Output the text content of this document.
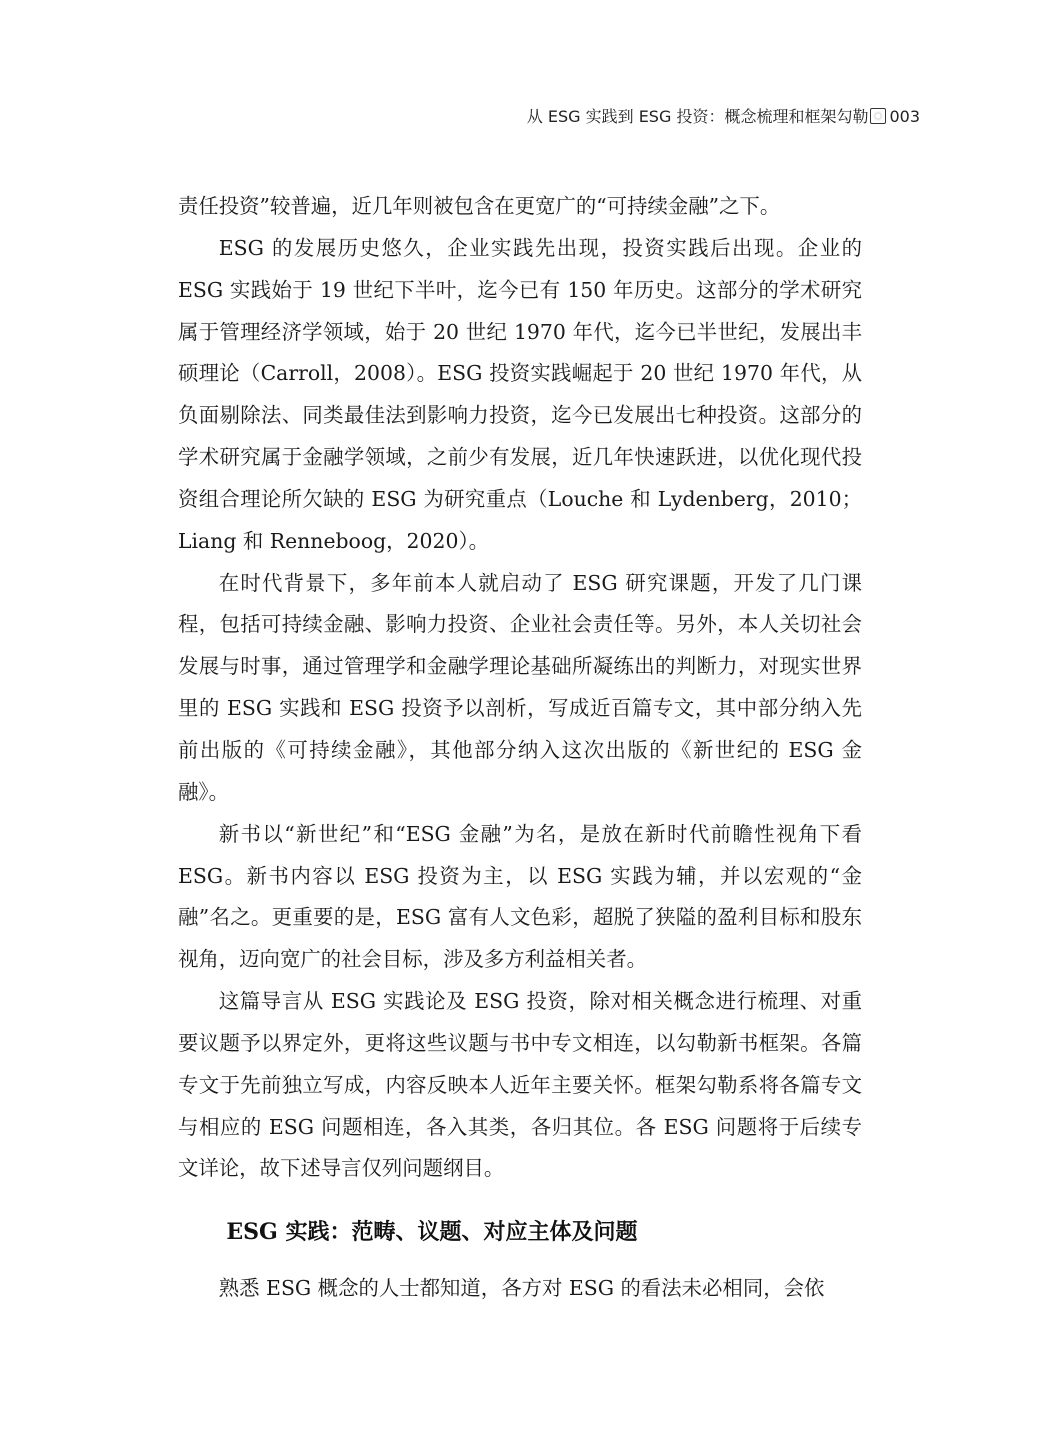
从 ESG 实践到 ESG 投资：概念梳理和框架勾勒 003

责任投资”较普遍，近几年则被包含在更宽广的“可持续金融”之下。

ESG 的发展历史悠久，企业实践先出现，投资实践后出现。企业的 ESG 实践始于 19 世纪下半叶，迄今已有 150 年历史。这部分的学术研究属于管理经济学领域，始于 20 世纪 1970 年代，迄今已半世纪，发展出丰硕理论（Carroll，2008）。ESG 投资实践崛起于 20 世纪 1970 年代，从负面剔除法、同类最佳法到影响力投资，迄今已发展出七种投资。这部分的学术研究属于金融学领域，之前少有发展，近几年快速跃进，以优化现代投资组合理论所欠缺的 ESG 为研究重点（Louche 和 Lydenberg，2010；Liang 和 Renneboog，2020）。

在时代背景下，多年前本人就启动了 ESG 研究课题，开发了几门课程，包括可持续金融、影响力投资、企业社会责任等。另外，本人关切社会发展与时事，通过管理学和金融学理论基础所凝练出的判断力，对现实世界里的 ESG 实践和 ESG 投资予以剖析，写成近百篇专文，其中部分纳入先前出版的《可持续金融》，其他部分纳入这次出版的《新世纪的 ESG 金融》。

新书以“新世纪”和“ESG 金融”为名，是放在新时代前瞻性视角下看 ESG。新书内容以 ESG 投资为主，以 ESG 实践为辅，并以宏观的“金融”名之。更重要的是，ESG 富有人文色彩，超脱了狭隘的盈利目标和股东视角，迈向宽广的社会目标，涉及多方利益相关者。

这篇导言从 ESG 实践论及 ESG 投资，除对相关概念进行梳理、对重要议题予以界定外，更将这些议题与书中专文相连，以勾勒新书框架。各篇专文于先前独立写成，内容反映本人近年主要关怀。框架勾勒系将各篇专文与相应的 ESG 问题相连，各入其类，各归其位。各 ESG 问题将于后续专文详论，故下述导言仅列问题纲目。

ESG 实践：范畴、议题、对应主体及问题

熟悉 ESG 概念的人士都知道，各方对 ESG 的看法未必相同，会依
